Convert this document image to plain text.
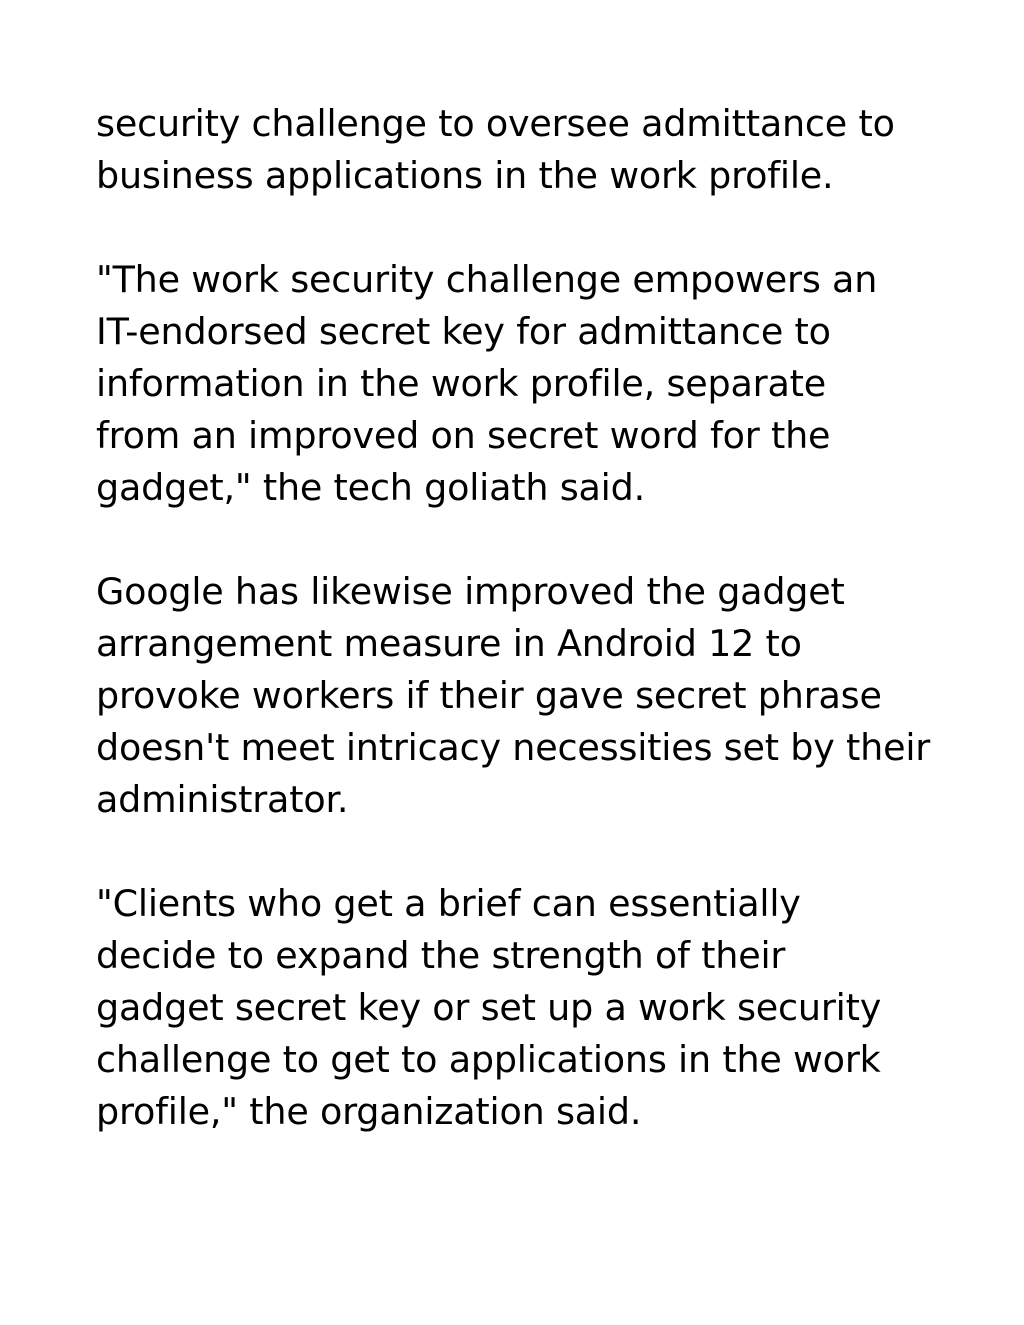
security challenge to oversee admittance to
business applications in the work profile.

"The work security challenge empowers an
IT-endorsed secret key for admittance to
information in the work profile, separate
from an improved on secret word for the
gadget," the tech goliath said.

Google has likewise improved the gadget
arrangement measure in Android 12 to
provoke workers if their gave secret phrase
doesn't meet intricacy necessities set by their
administrator.

"Clients who get a brief can essentially
decide to expand the strength of their
gadget secret key or set up a work security
challenge to get to applications in the work
profile," the organization said.
